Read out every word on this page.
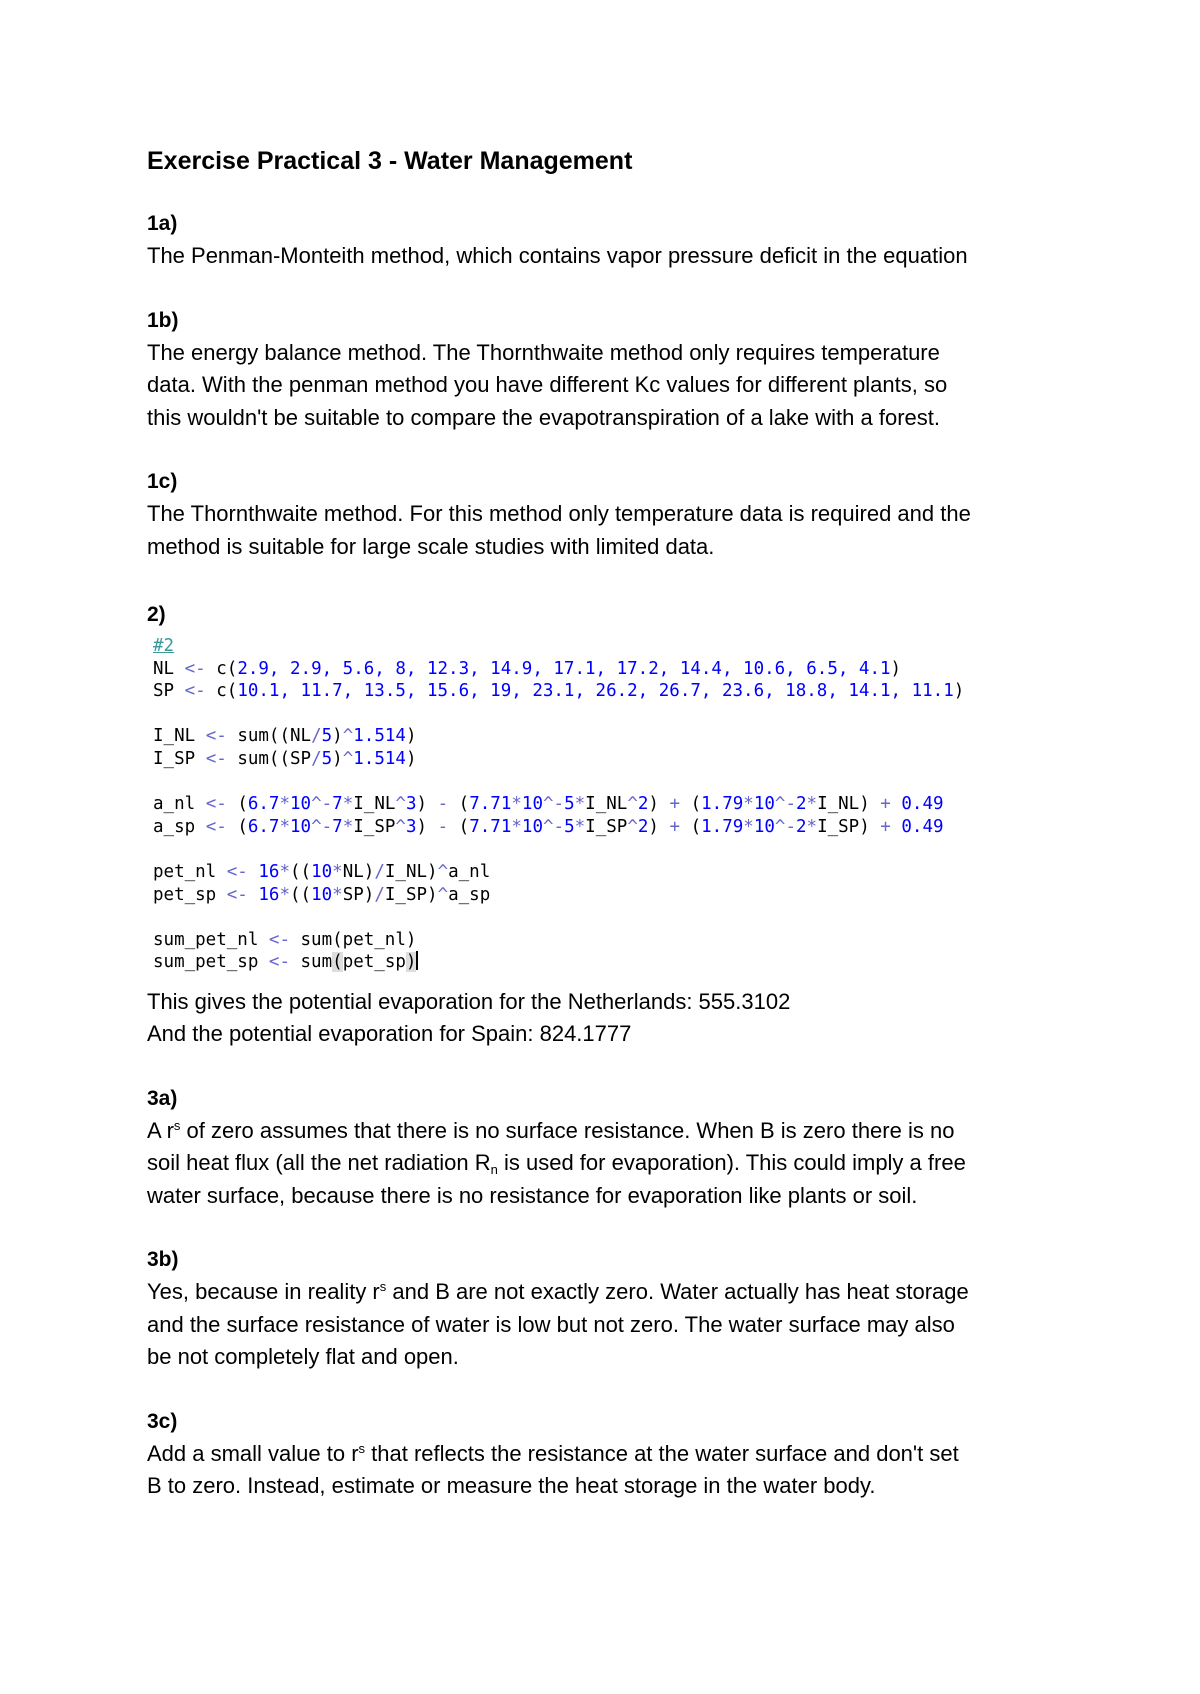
Exercise Practical 3 - Water Management
1a)
The Penman-Monteith method, which contains vapor pressure deficit in the equation
1b)
The energy balance method. The Thornthwaite method only requires temperature
data. With the penman method you have different Kc values for different plants, so
this wouldn't be suitable to compare the evapotranspiration of a lake with a forest.
1c)
The Thornthwaite method. For this method only temperature data is required and the
method is suitable for large scale studies with limited data.
2)
#2
NL <- c(2.9, 2.9, 5.6, 8, 12.3, 14.9, 17.1, 17.2, 14.4, 10.6, 6.5, 4.1)
SP <- c(10.1, 11.7, 13.5, 15.6, 19, 23.1, 26.2, 26.7, 23.6, 18.8, 14.1, 11.1)
I_NL <- sum((NL/5)^1.514)
I_SP <- sum((SP/5)^1.514)
a_nl <- (6.7*10^-7*I_NL^3) - (7.71*10^-5*I_NL^2) + (1.79*10^-2*I_NL) + 0.49
a_sp <- (6.7*10^-7*I_SP^3) - (7.71*10^-5*I_SP^2) + (1.79*10^-2*I_SP) + 0.49
pet_nl <- 16*((10*NL)/I_NL)^a_nl
pet_sp <- 16*((10*SP)/I_SP)^a_sp
sum_pet_nl <- sum(pet_nl)
sum_pet_sp <- sum(pet_sp)
This gives the potential evaporation for the Netherlands: 555.3102
And the potential evaporation for Spain: 824.1777
3a)
A $r^s$ of zero assumes that there is no surface resistance. When B is zero there is no
soil heat flux (all the net radiation $R_n$ is used for evaporation). This could imply a free
water surface, because there is no resistance for evaporation like plants or soil.
3b)
Yes, because in reality $r^s$ and B are not exactly zero. Water actually has heat storage
and the surface resistance of water is low but not zero. The water surface may also
be not completely flat and open.
3c)
Add a small value to $r^s$ that reflects the resistance at the water surface and don't set
B to zero. Instead, estimate or measure the heat storage in the water body.
